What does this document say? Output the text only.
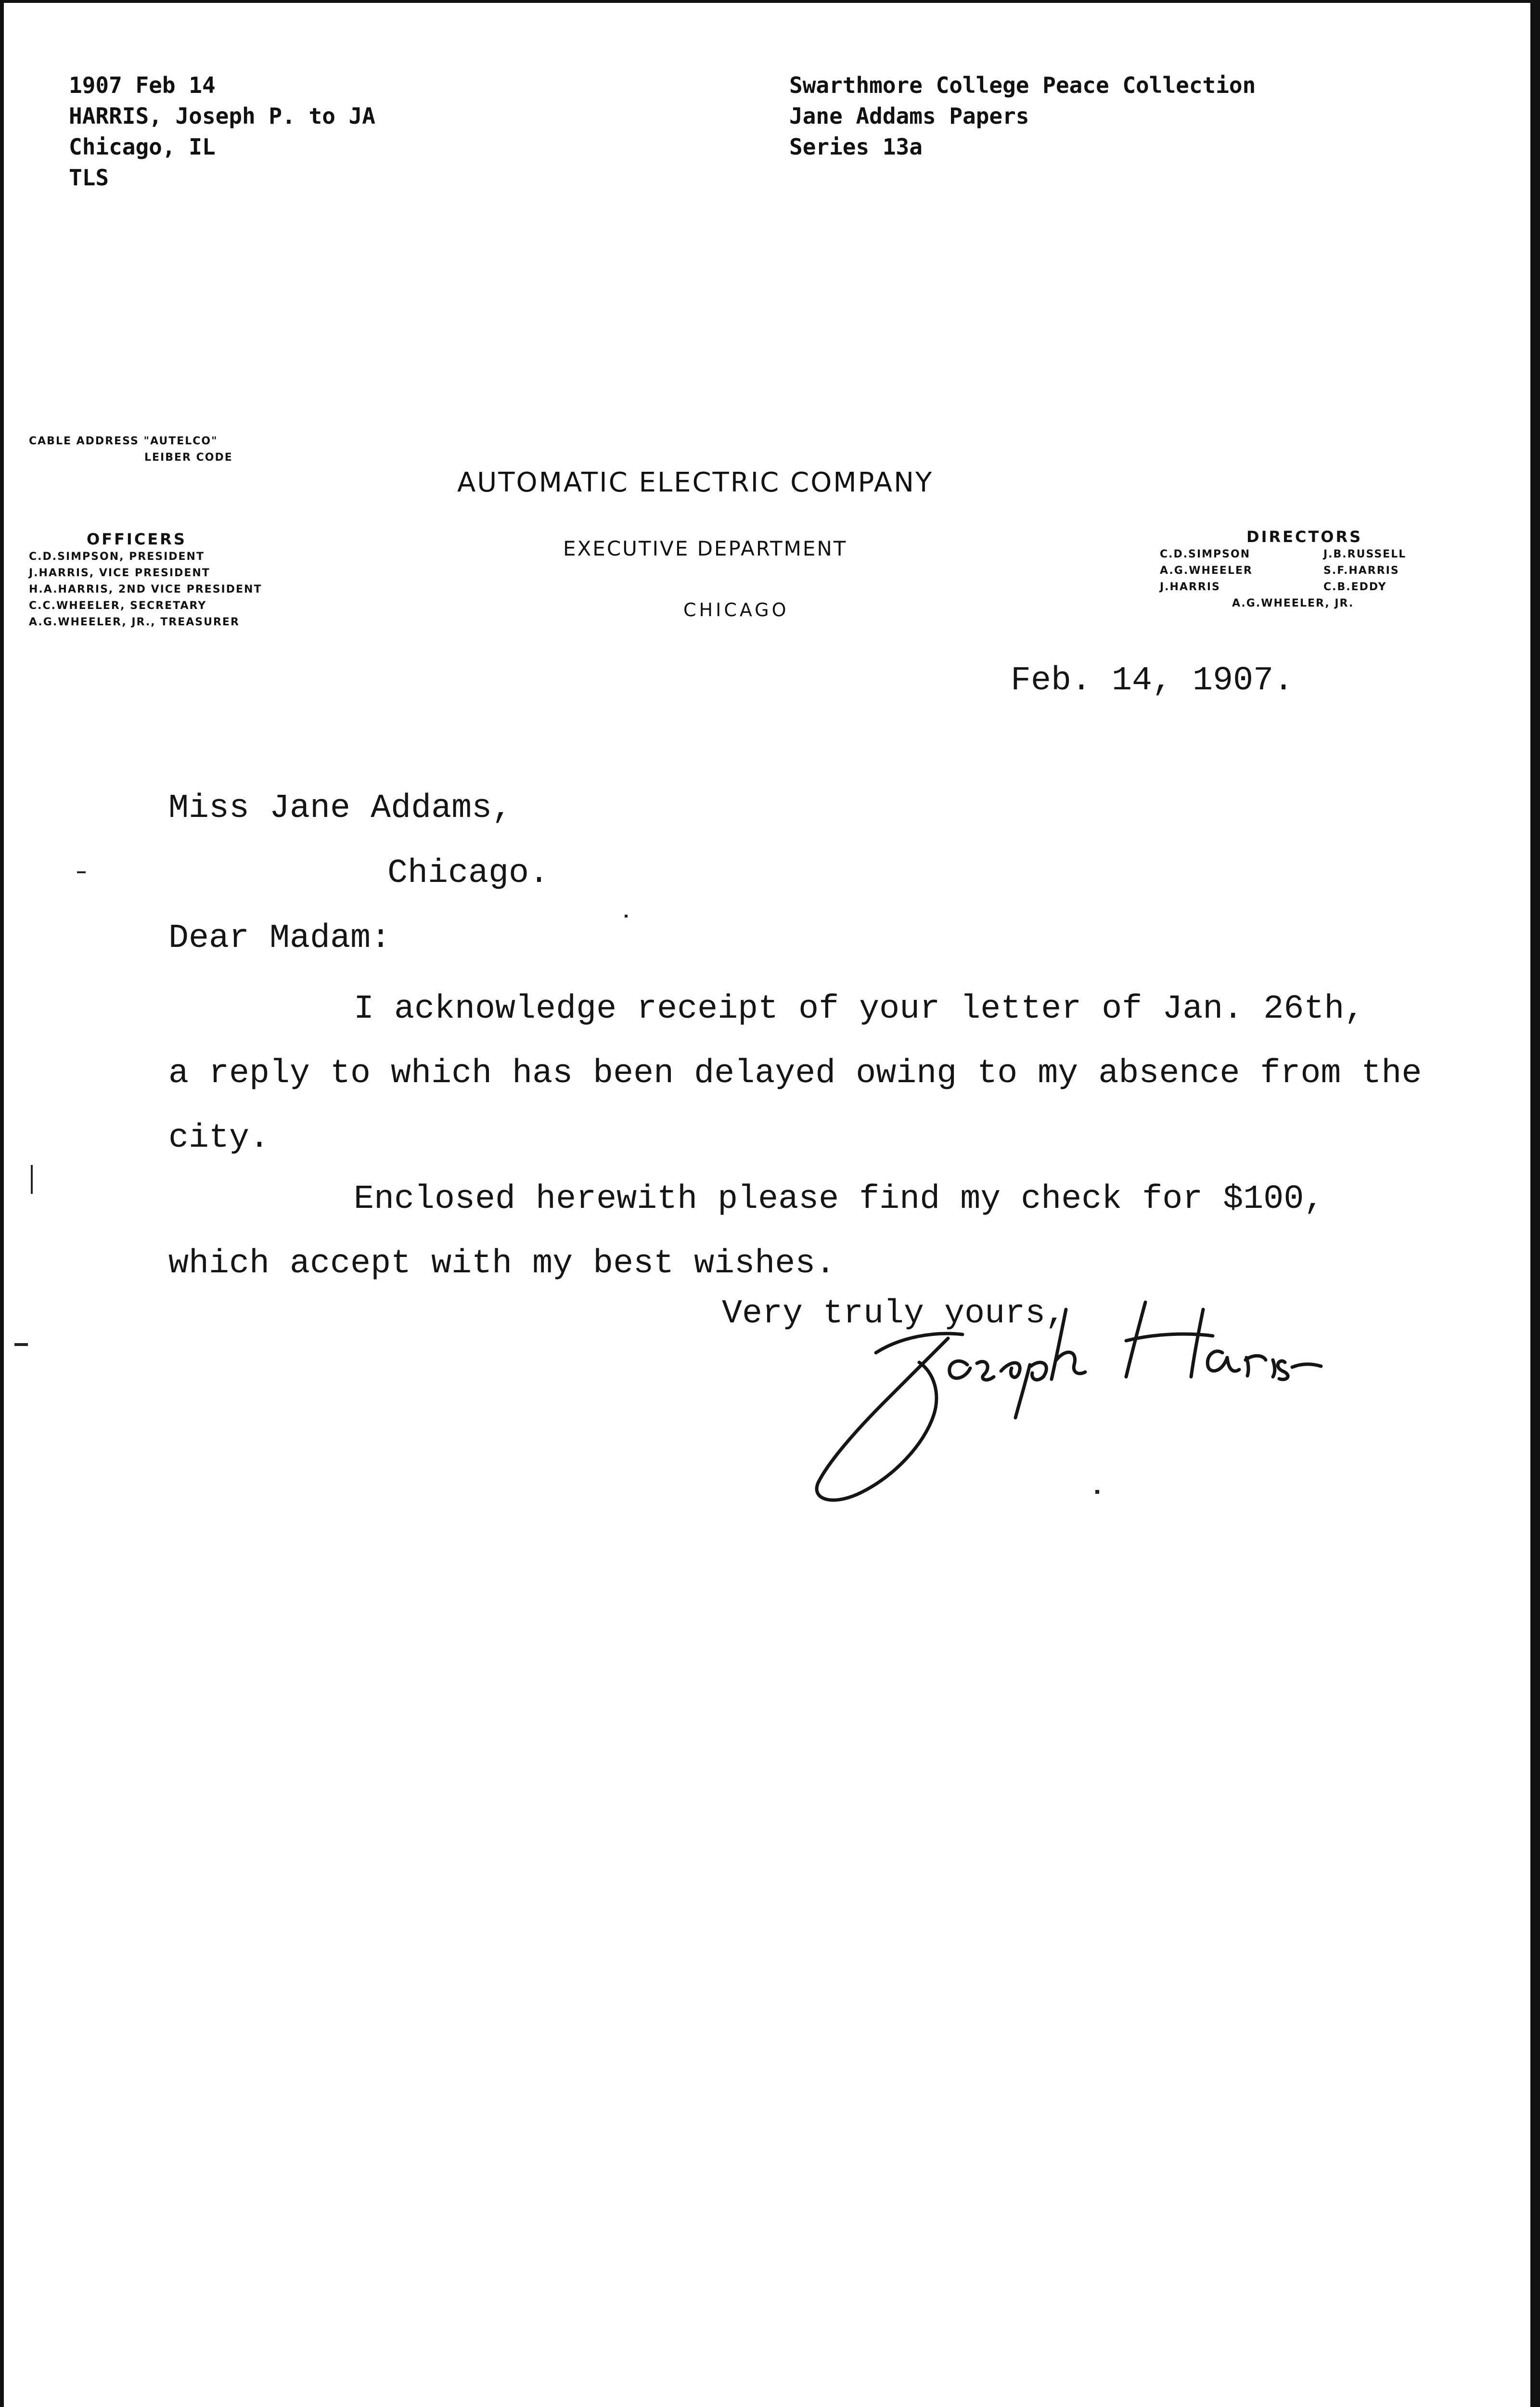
1907 Feb 14
HARRIS, Joseph P. to JA
Chicago, IL
TLS
Swarthmore College Peace Collection
Jane Addams Papers
Series 13a
CABLE ADDRESS "AUTELCO"
LEIBER CODE
AUTOMATIC ELECTRIC COMPANY
EXECUTIVE DEPARTMENT
CHICAGO
OFFICERS
C.D.SIMPSON, PRESIDENT
J.HARRIS, VICE PRESIDENT
H.A.HARRIS, 2ND VICE PRESIDENT
C.C.WHEELER, SECRETARY
A.G.WHEELER, JR., TREASURER
DIRECTORS
C.D.SIMPSON	J.B.RUSSELL
A.G.WHEELER	S.F.HARRIS
J.HARRIS	C.B.EDDY
A.G.WHEELER, JR.
Feb. 14, 1907.
Miss Jane Addams,
Chicago.
Dear Madam:
I acknowledge receipt of your letter of Jan. 26th,
a reply to which has been delayed owing to my absence from the
city.
Enclosed herewith please find my check for $100,
which accept with my best wishes.
Very truly yours,
